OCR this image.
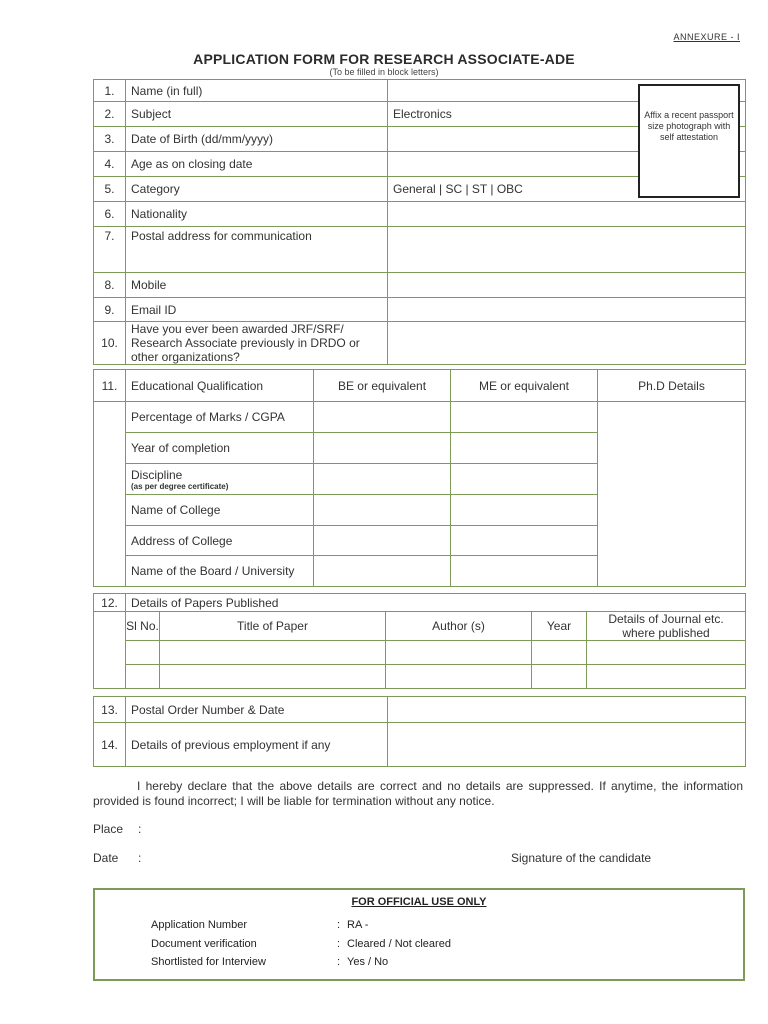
ANNEXURE - I
APPLICATION FORM FOR RESEARCH ASSOCIATE-ADE
(To be filled in block letters)
1.	Name (in full)	
2.	Subject	Electronics
3.	Date of Birth (dd/mm/yyyy)	
4.	Age as on closing date	
5.	Category	General | SC | ST | OBC
6.	Nationality	
7.	Postal address for communication	
8.	Mobile	
9.	Email ID	
10.	Have you ever been awarded JRF/SRF/ Research Associate previously in DRDO or other organizations?	
Affix a recent passport size photograph with self attestation
11.	Educational Qualification	BE or equivalent	ME or equivalent	Ph.D Details
	Percentage of Marks / CGPA			
	Year of completion			
	Discipline
(as per degree certificate)			

	Name of College			
	Address of College			
	Name of the Board / University			
12.	Details of Papers Published				
	Sl No.	Title of Paper	Author (s)	Year	Details of Journal etc. where published

13.	Postal Order Number & Date	
14.	Details of previous employment if any	
I hereby declare that the above details are correct and no details are suppressed. If anytime, the information provided is found incorrect; I will be liable for termination without any notice.
Place :
Date :	Signature of the candidate
FOR OFFICIAL USE ONLY
Application Number	: RA -
Document verification	: Cleared / Not cleared
Shortlisted for Interview	: Yes / No
